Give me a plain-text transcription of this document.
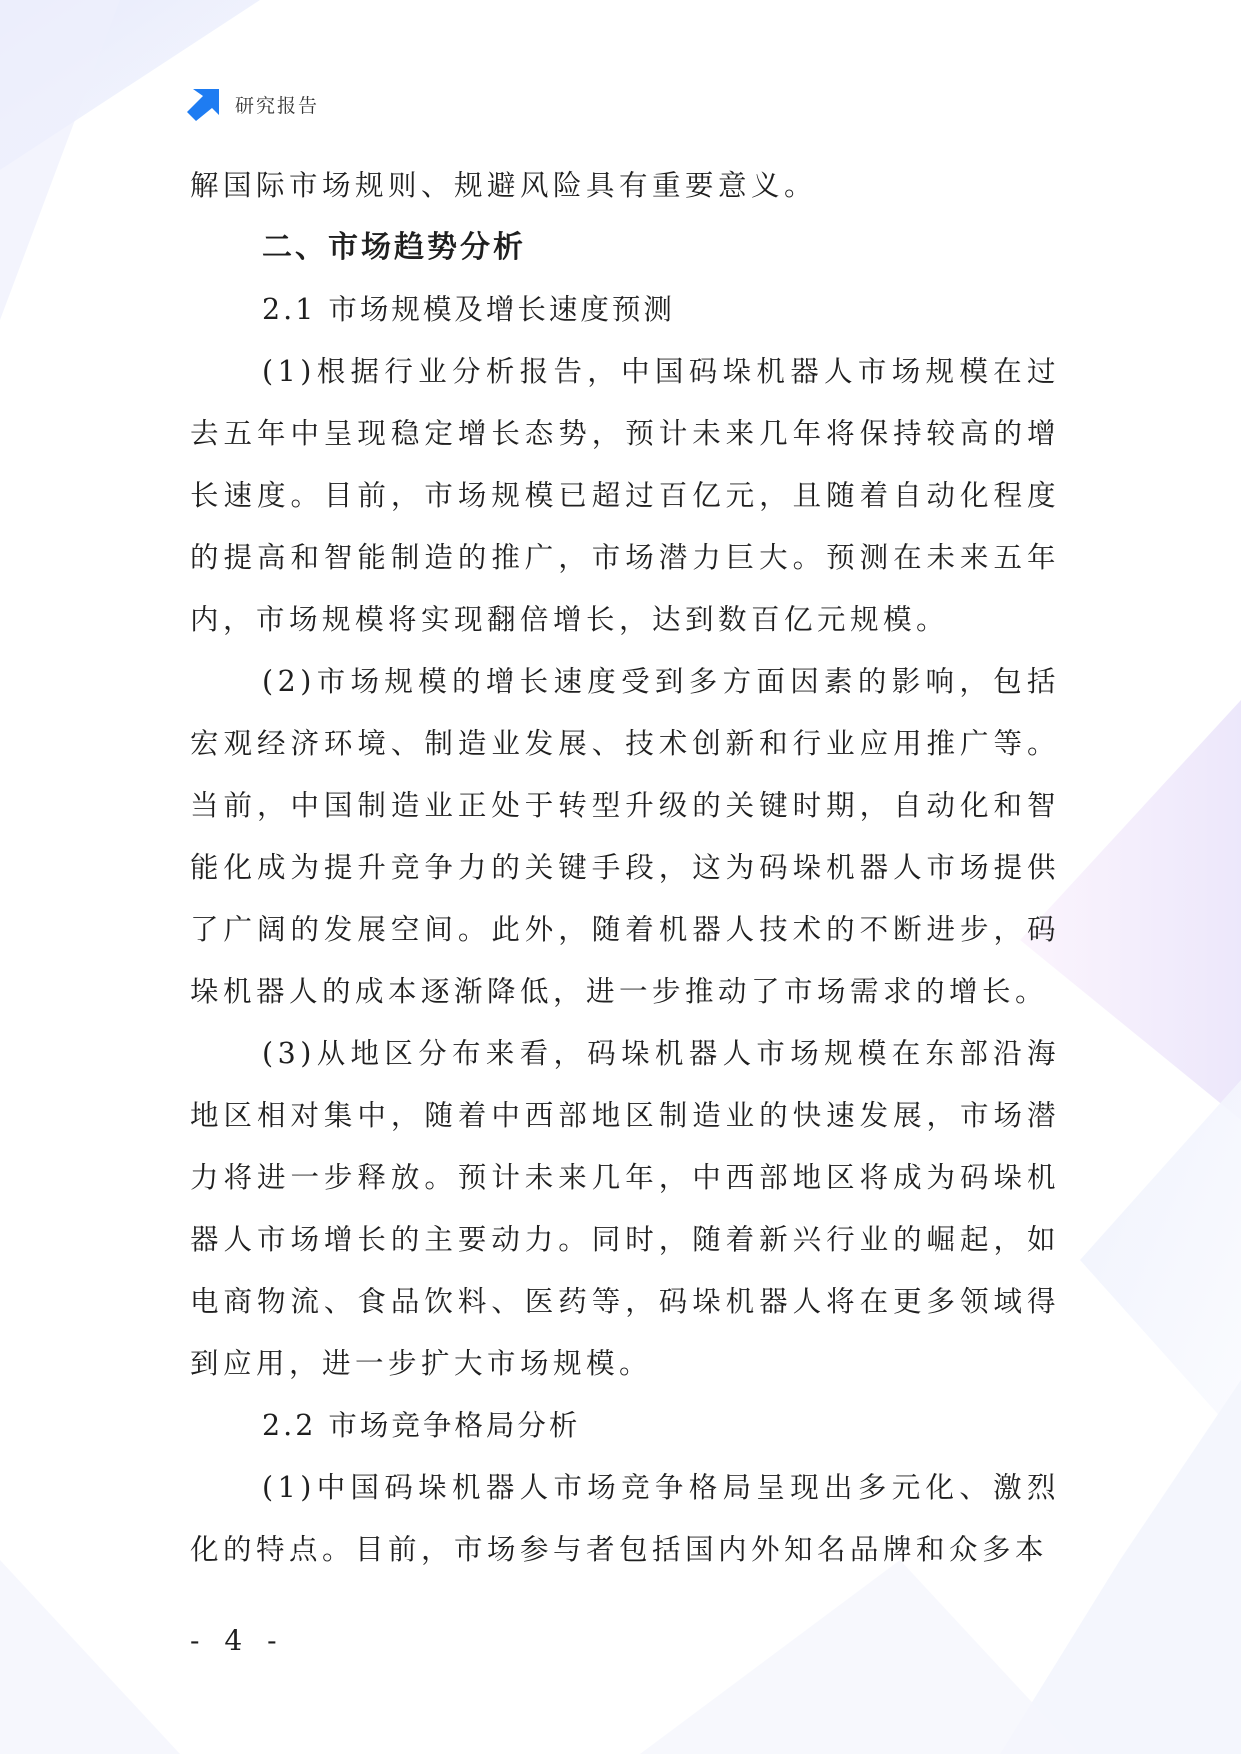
研究报告

解国际市场规则、规避风险具有重要意义。

二、市场趋势分析

2.1 市场规模及增长速度预测

(1)根据行业分析报告，中国码垛机器人市场规模在过去五年中呈现稳定增长态势，预计未来几年将保持较高的增长速度。目前，市场规模已超过百亿元，且随着自动化程度的提高和智能制造的推广，市场潜力巨大。预测在未来五年内，市场规模将实现翻倍增长，达到数百亿元规模。

(2)市场规模的增长速度受到多方面因素的影响，包括宏观经济环境、制造业发展、技术创新和行业应用推广等。当前，中国制造业正处于转型升级的关键时期，自动化和智能化成为提升竞争力的关键手段，这为码垛机器人市场提供了广阔的发展空间。此外，随着机器人技术的不断进步，码垛机器人的成本逐渐降低，进一步推动了市场需求的增长。

(3)从地区分布来看，码垛机器人市场规模在东部沿海地区相对集中，随着中西部地区制造业的快速发展，市场潜力将进一步释放。预计未来几年，中西部地区将成为码垛机器人市场增长的主要动力。同时，随着新兴行业的崛起，如电商物流、食品饮料、医药等，码垛机器人将在更多领域得到应用，进一步扩大市场规模。

2.2 市场竞争格局分析

(1)中国码垛机器人市场竞争格局呈现出多元化、激烈化的特点。目前，市场参与者包括国内外知名品牌和众多本

- 4 -
